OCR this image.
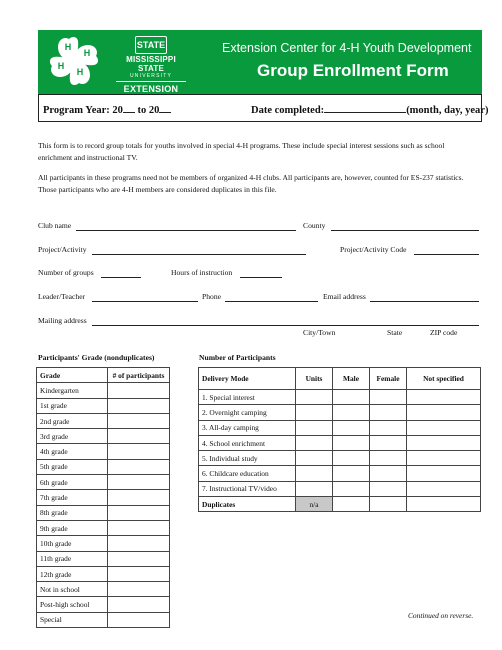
H
H
H
H
STATE
MISSISSIPPI STATE
UNIVERSITY
EXTENSION
Extension Center for 4-H Youth Development
Group Enrollment Form
Program Year: 20 to 20	Date completed:	(month, day, year)
This form is to record group totals for youths involved in special 4-H programs. These include special interest sessions such as school enrichment and instructional TV.
All participants in these programs need not be members of organized 4-H clubs. All participants are, however, counted for ES-237 statistics. Those participants who are 4-H members are considered duplicates in this file.
Club name	County
Project/Activity	Project/Activity Code
Number of groups	Hours of instruction
Leader/Teacher	Phone	Email address
Mailing address
City/Town	State	ZIP code
Participants' Grade (nonduplicates)	Number of Participants
Grade	# of participants
Kindergarten	
1st grade	
2nd grade	
3rd grade	
4th grade	
5th grade	
6th grade	
7th grade	
8th grade	
9th grade	
10th grade	
11th grade	
12th grade	
Not in school	
Post-high school	
Special	
Delivery Mode	Units	Male	Female	Not specified
1. Special interest				
2. Overnight camping				
3. All-day camping				
4. School enrichment				
5. Individual study				
6. Childcare education				
7. Instructional TV/video				
Duplicates	n/a			
Continued on reverse.
